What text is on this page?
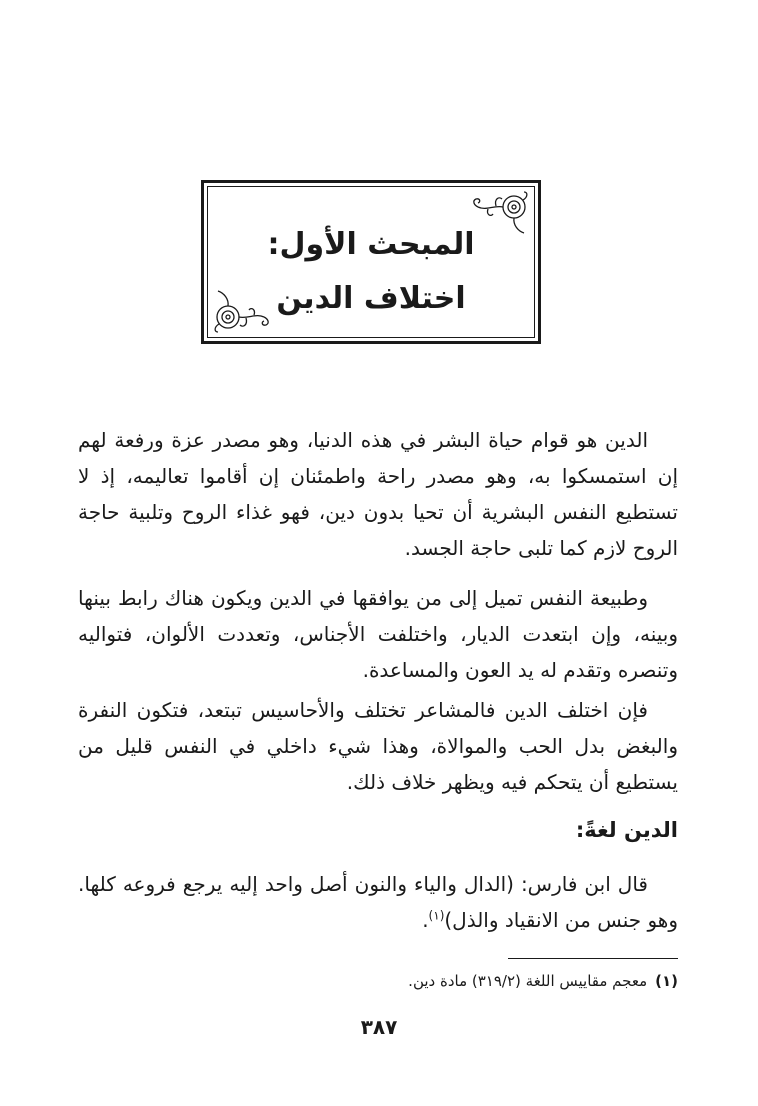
المبحث الأول:
اختلاف الدين

الدين هو قوام حياة البشر في هذه الدنيا، وهو مصدر عزة ورفعة لهم إن استمسكوا به، وهو مصدر راحة واطمئنان إن أقاموا تعاليمه، إذ لا تستطيع النفس البشرية أن تحيا بدون دين، فهو غذاء الروح وتلبية حاجة الروح لازم كما تلبى حاجة الجسد.

وطبيعة النفس تميل إلى من يوافقها في الدين ويكون هناك رابط بينها وبينه، وإن ابتعدت الديار، واختلفت الأجناس، وتعددت الألوان، فتواليه وتنصره وتقدم له يد العون والمساعدة.

فإن اختلف الدين فالمشاعر تختلف والأحاسيس تبتعد، فتكون النفرة والبغض بدل الحب والموالاة، وهذا شيء داخلي في النفس قليل من يستطيع أن يتحكم فيه ويظهر خلاف ذلك.

الدين لغةً:

قال ابن فارس: (الدال والياء والنون أصل واحد إليه يرجع فروعه كلها. وهو جنس من الانقياد والذل)$^{(١)}$.

(١)معجم مقاييس اللغة (٣١٩/٢) مادة دين.
٣٨٧
